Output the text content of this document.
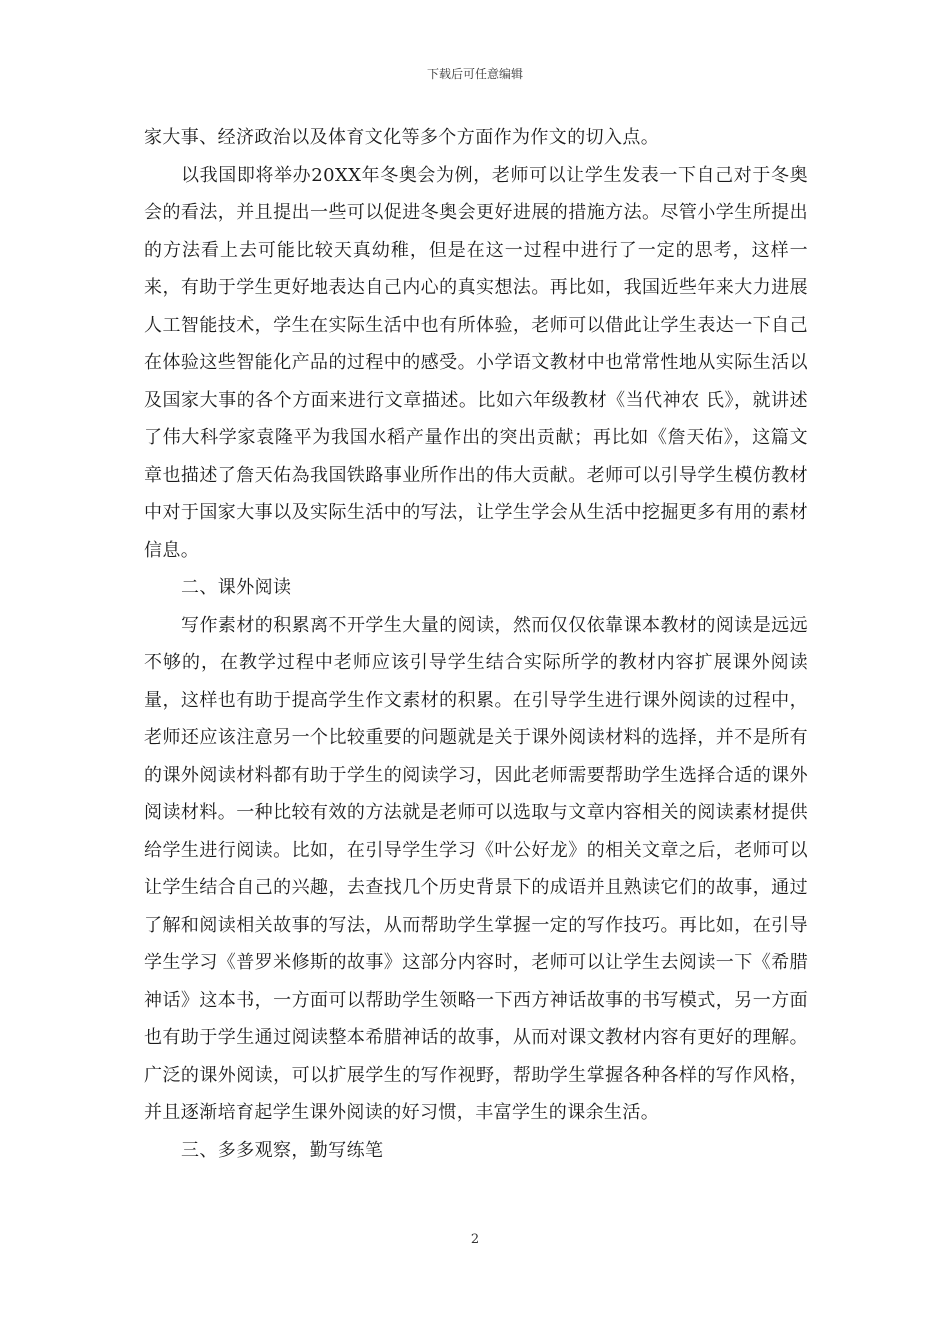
下载后可任意编辑

家大事、经济政治以及体育文化等多个方面作为作文的切入点。

以我国即将举办20XX年冬奥会为例，老师可以让学生发表一下自己对于冬奥会的看法，并且提出一些可以促进冬奥会更好进展的措施方法。尽管小学生所提出的方法看上去可能比较天真幼稚，但是在这一过程中进行了一定的思考，这样一来，有助于学生更好地表达自己内心的真实想法。再比如，我国近些年来大力进展人工智能技术，学生在实际生活中也有所体验，老师可以借此让学生表达一下自己在体验这些智能化产品的过程中的感受。小学语文教材中也常常性地从实际生活以及国家大事的各个方面来进行文章描述。比如六年级教材《当代神农 氏》，就讲述了伟大科学家袁隆平为我国水稻产量作出的突出贡献；再比如《詹天佑》，这篇文章也描述了詹天佑為我国铁路事业所作出的伟大贡献。老师可以引导学生模仿教材中对于国家大事以及实际生活中的写法，让学生学会从生活中挖掘更多有用的素材信息。

二、课外阅读

写作素材的积累离不开学生大量的阅读，然而仅仅依靠课本教材的阅读是远远不够的，在教学过程中老师应该引导学生结合实际所学的教材内容扩展课外阅读量，这样也有助于提高学生作文素材的积累。在引导学生进行课外阅读的过程中，老师还应该注意另一个比较重要的问题就是关于课外阅读材料的选择，并不是所有的课外阅读材料都有助于学生的阅读学习，因此老师需要帮助学生选择合适的课外阅读材料。一种比较有效的方法就是老师可以选取与文章内容相关的阅读素材提供给学生进行阅读。比如，在引导学生学习《叶公好龙》的相关文章之后，老师可以让学生结合自己的兴趣，去查找几个历史背景下的成语并且熟读它们的故事，通过了解和阅读相关故事的写法，从而帮助学生掌握一定的写作技巧。再比如，在引导学生学习《普罗米修斯的故事》这部分内容时，老师可以让学生去阅读一下《希腊神话》这本书，一方面可以帮助学生领略一下西方神话故事的书写模式，另一方面也有助于学生通过阅读整本希腊神话的故事，从而对课文教材内容有更好的理解。广泛的课外阅读，可以扩展学生的写作视野，帮助学生掌握各种各样的写作风格，并且逐渐培育起学生课外阅读的好习惯，丰富学生的课余生活。

三、多多观察，勤写练笔

2
